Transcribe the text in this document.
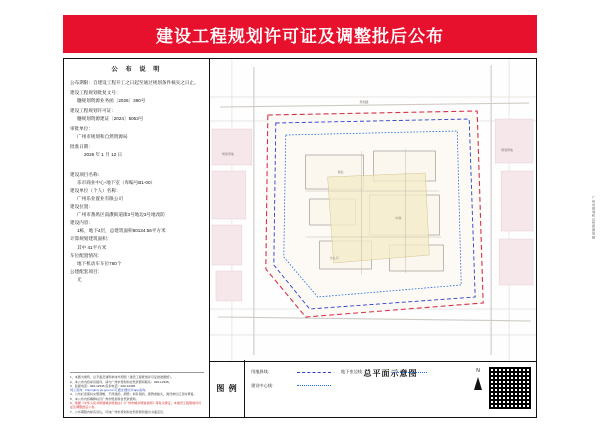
建设工程规划许可证及调整批后公布
公 布 说 明
公布期限：自建设工程开工之日起至通过规划条件核实之日止。
建设工程规划批复文号：
穗规划资源业务函〔2026〕390号
建设工程规划许可证：
穗规划资源建证〔2024〕5053号
审批单位：
广州市规划和自然资源局
批准日期：
2026 年 1 月 12 日
建设项目名称：
乐市商业中心-地下室（库编号B1-00）
建设单位（个人）名称：
广州乐业置业有限公司
建设位置：
广州市番禺区南漖街道街3号地边3号地改防
建设内容：
1栋，地下4层，总建筑面积80134.56平方米
计算规划建筑面积：
其中 41平方米
车位配置情况：
地下机动车车位760个
公建配套项目：
无
1、本图为建筑、总平面及建筑单体外形图（建设工程规划许可证批准图纸）。
2、本公布内容如有疑问，请与广州市规划和自然资源局联系：020-12345。
3、监督电话：020-12345 投诉电话：020-12345
网上查询：http://ghzy.gz.gov.cn/,可通过'穗好办'app查询。
4、公布栏需保持完整清晰，不得遮挡、损毁；如有遮挡、损毁或缺失，建设单位应及时修复。
5、本公布内容解释权归广州市规划和自然资源局。
6、依据《中华人民共和国城乡规划法》《广州市城乡规划条例》等有关规定，本建设工程规划许可证及调整批后公布。
7、公布期限内如有异议，可向广州市规划和自然资源局提出书面意见。
规划路
规划用地
规划用地
商业
中庭
出入口
图 例
总平面示意图
用地界线：
建设中心线：
地下室边线：	N
广州市规划和自然资源局制
